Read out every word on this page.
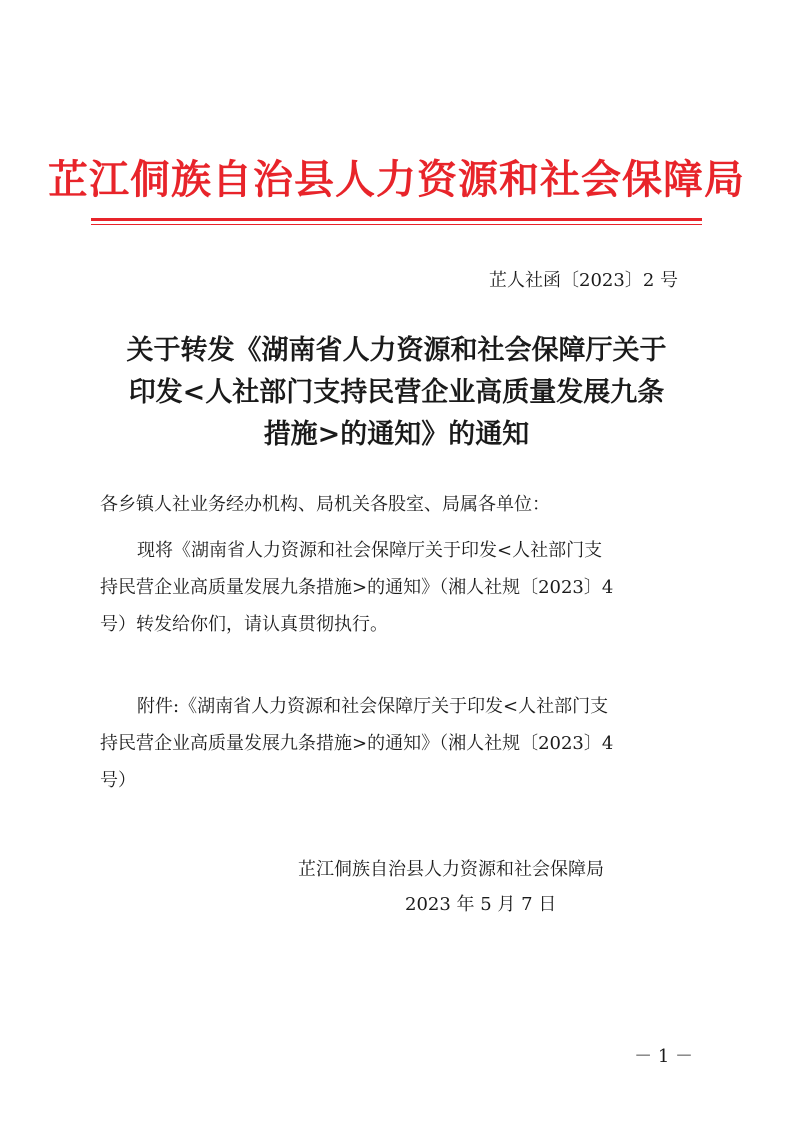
芷江侗族自治县人力资源和社会保障局
芷人社函〔2023〕2 号
关于转发《湖南省人力资源和社会保障厅关于
印发<人社部门支持民营企业高质量发展九条
措施>的通知》的通知
各乡镇人社业务经办机构、局机关各股室、局属各单位：
现将《湖南省人力资源和社会保障厅关于印发<人社部门支
持民营企业高质量发展九条措施>的通知》（湘人社规〔2023〕4
号）转发给你们，请认真贯彻执行。
附件:《湖南省人力资源和社会保障厅关于印发<人社部门支
持民营企业高质量发展九条措施>的通知》（湘人社规〔2023〕4
号）
芷江侗族自治县人力资源和社会保障局
2023 年 5 月 7 日
－ 1 －
